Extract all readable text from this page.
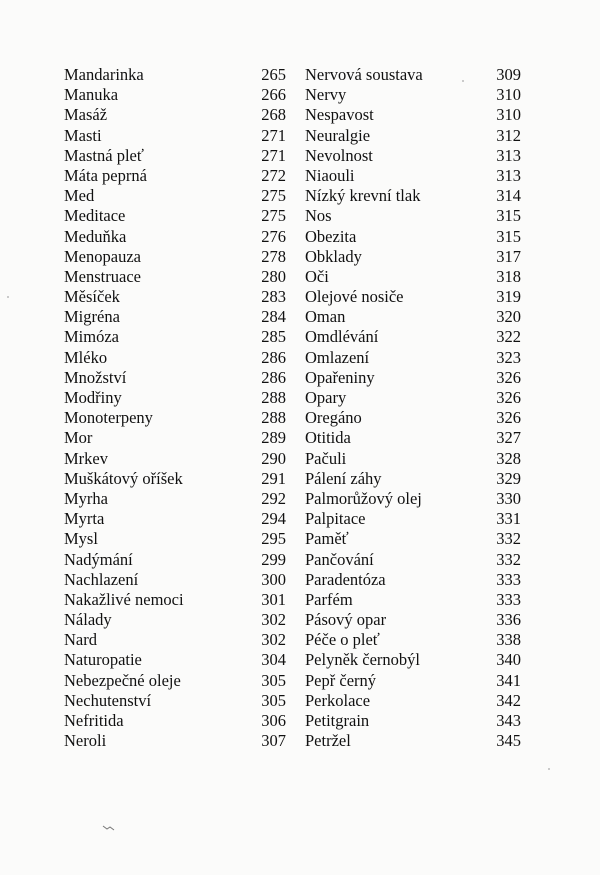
Mandarinka	265
Manuka	266
Masáž	268
Masti	271
Mastná pleť	271
Máta peprná	272
Med	275
Meditace	275
Meduňka	276
Menopauza	278
Menstruace	280
Měsíček	283
Migréna	284
Mimóza	285
Mléko	286
Množství	286
Modřiny	288
Monoterpeny	288
Mor	289
Mrkev	290
Muškátový oříšek	291
Myrha	292
Myrta	294
Mysl	295
Nadýmání	299
Nachlazení	300
Nakažlivé nemoci	301
Nálady	302
Nard	302
Naturopatie	304
Nebezpečné oleje	305
Nechutenství	305
Nefritida	306
Neroli	307
Nervová soustava	309
Nervy	310
Nespavost	310
Neuralgie	312
Nevolnost	313
Niaouli	313
Nízký krevní tlak	314
Nos	315
Obezita	315
Obklady	317
Oči	318
Olejové nosiče	319
Oman	320
Omdlévání	322
Omlazení	323
Opařeniny	326
Opary	326
Oregáno	326
Otitida	327
Pačuli	328
Pálení záhy	329
Palmorůžový olej	330
Palpitace	331
Paměť	332
Pančování	332
Paradentóza	333
Parfém	333
Pásový opar	336
Péče o pleť	338
Pelyněk černobýl	340
Pepř černý	341
Perkolace	342
Petitgrain	343
Petržel	345
